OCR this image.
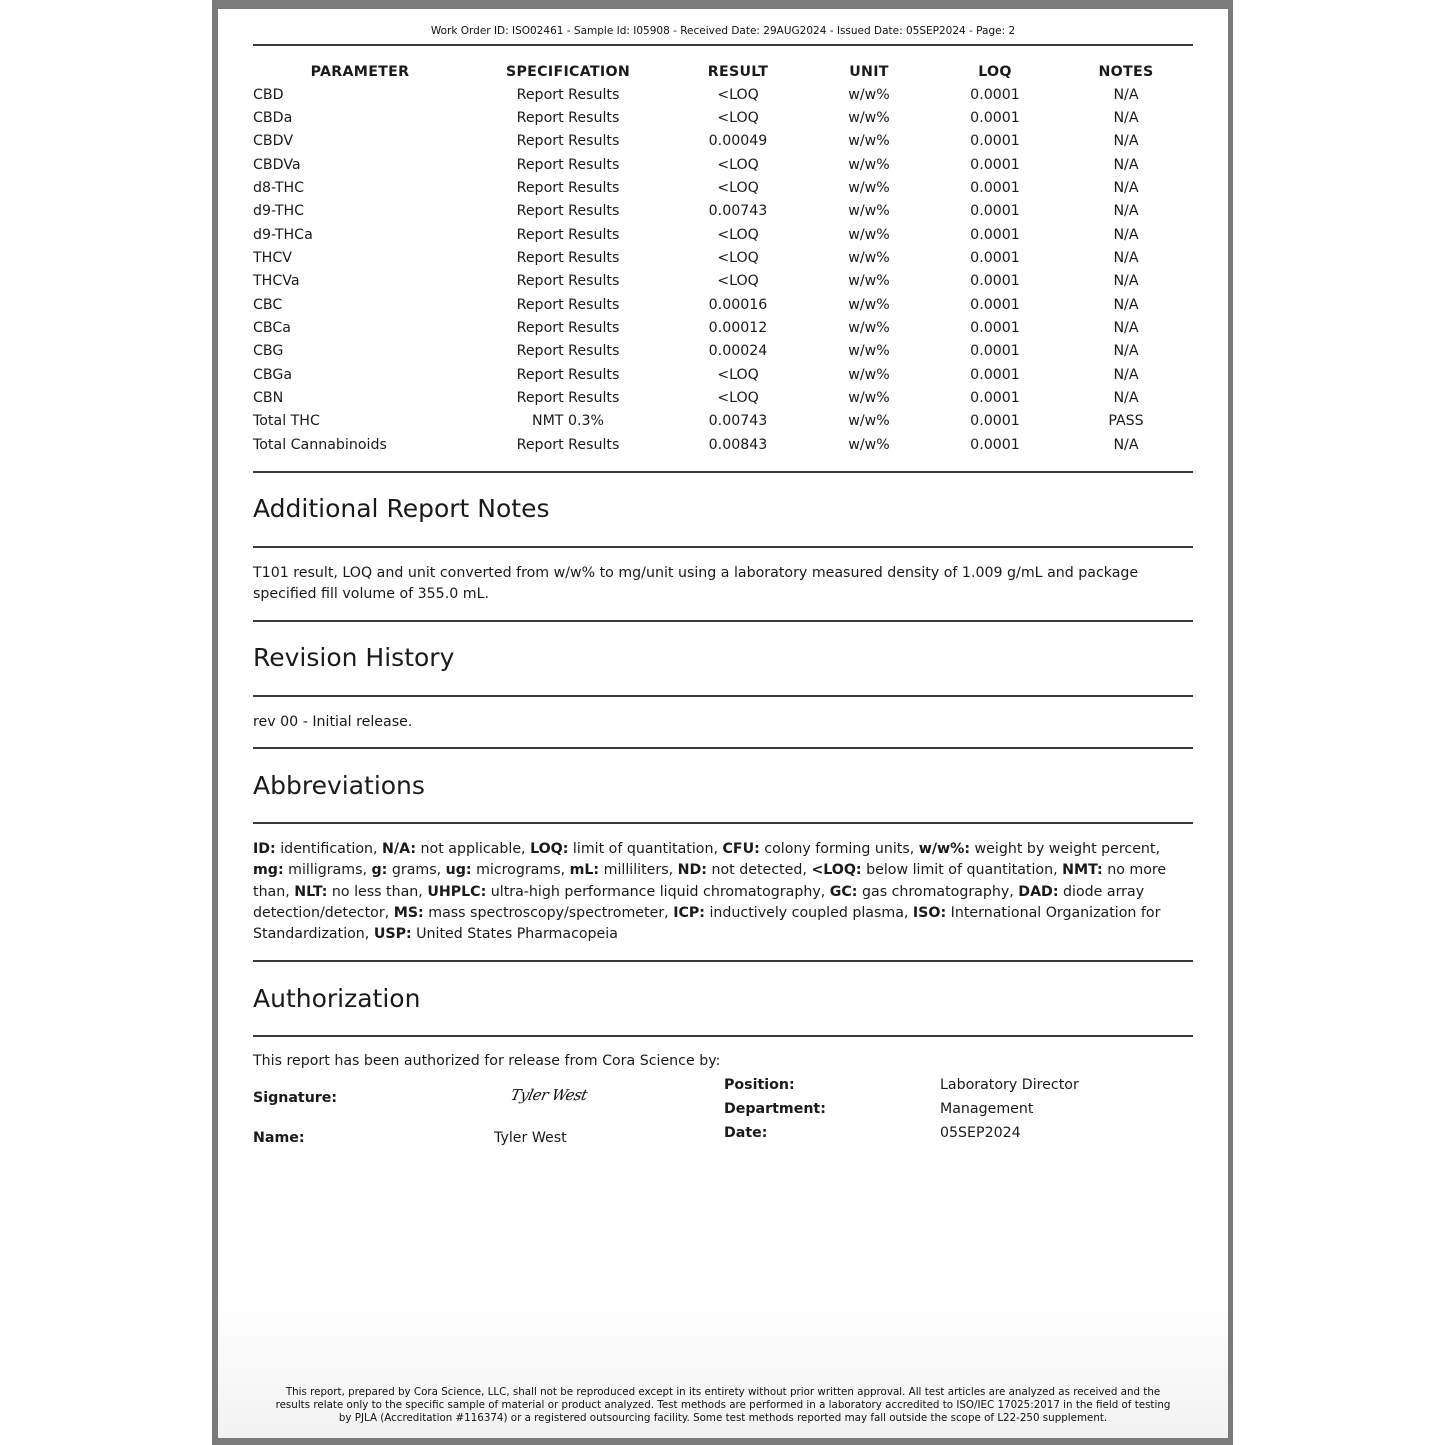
Work Order ID: ISO02461 - Sample Id: I05908 - Received Date: 29AUG2024 - Issued Date: 05SEP2024 - Page: 2
PARAMETER	SPECIFICATION	RESULT	UNIT	LOQ	NOTES
CBD	Report Results	<LOQ	w/w%	0.0001	N/A
CBDa	Report Results	<LOQ	w/w%	0.0001	N/A
CBDV	Report Results	0.00049	w/w%	0.0001	N/A
CBDVa	Report Results	<LOQ	w/w%	0.0001	N/A
d8-THC	Report Results	<LOQ	w/w%	0.0001	N/A
d9-THC	Report Results	0.00743	w/w%	0.0001	N/A
d9-THCa	Report Results	<LOQ	w/w%	0.0001	N/A
THCV	Report Results	<LOQ	w/w%	0.0001	N/A
THCVa	Report Results	<LOQ	w/w%	0.0001	N/A
CBC	Report Results	0.00016	w/w%	0.0001	N/A
CBCa	Report Results	0.00012	w/w%	0.0001	N/A
CBG	Report Results	0.00024	w/w%	0.0001	N/A
CBGa	Report Results	<LOQ	w/w%	0.0001	N/A
CBN	Report Results	<LOQ	w/w%	0.0001	N/A
Total THC	NMT 0.3%	0.00743	w/w%	0.0001	PASS
Total Cannabinoids	Report Results	0.00843	w/w%	0.0001	N/A
Additional Report Notes

T101 result, LOQ and unit converted from w/w% to mg/unit using a laboratory measured density of 1.009 g/mL and package specified fill volume of 355.0 mL.

Revision History

rev 00 - Initial release.

Abbreviations

ID: identification, N/A: not applicable, LOQ: limit of quantitation, CFU: colony forming units, w/w%: weight by weight percent, mg: milligrams, g: grams, ug: micrograms, mL: milliliters, ND: not detected, <LOQ: below limit of quantitation, NMT: no more than, NLT: no less than, UHPLC: ultra-high performance liquid chromatography, GC: gas chromatography, DAD: diode array detection/detector, MS: mass spectroscopy/spectrometer, ICP: inductively coupled plasma, ISO: International Organization for Standardization, USP: United States Pharmacopeia

Authorization

This report has been authorized for release from Cora Science by:

Signature:	Tyler West
Name:	Tyler West
Position:	Laboratory Director
Department:	Management
Date:	05SEP2024
This report, prepared by Cora Science, LLC, shall not be reproduced except in its entirety without prior written approval. All test articles are analyzed as received and the
results relate only to the specific sample of material or product analyzed. Test methods are performed in a laboratory accredited to ISO/IEC 17025:2017 in the field of testing
by PJLA (Accreditation #116374) or a registered outsourcing facility. Some test methods reported may fall outside the scope of L22-250 supplement.
